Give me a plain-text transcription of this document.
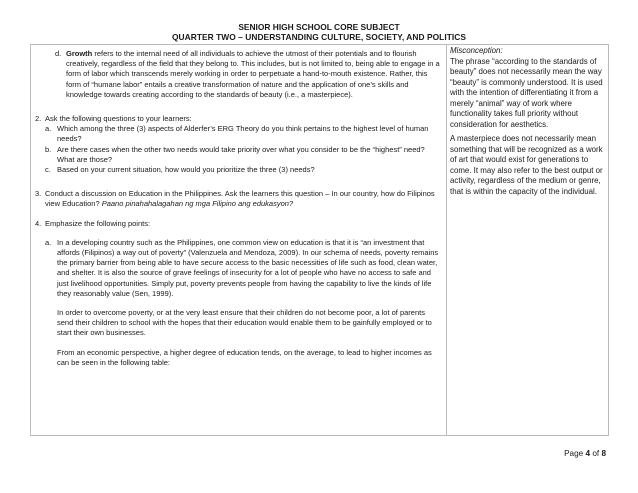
SENIOR HIGH SCHOOL CORE SUBJECT
QUARTER TWO – UNDERSTANDING CULTURE, SOCIETY, AND POLITICS
d. Growth refers to the internal need of all individuals to achieve the utmost of their potentials and to flourish creatively, regardless of the field that they belong to. This includes, but is not limited to, being able to engage in a form of labor which transcends merely working in order to perpetuate a hand-to-mouth existence. Rather, this form of “humane labor” entails a creative transformation of nature and the application of one’s skills and knowledge towards creating according to the standards of beauty (i.e., a masterpiece).

2. Ask the following questions to your learners:

a. Which among the three (3) aspects of Alderfer’s ERG Theory do you think pertains to the highest level of human needs?

b. Are there cases when the other two needs would take priority over what you consider to be the “highest” need? What are those?

c. Based on your current situation, how would you prioritize the three (3) needs?

3. Conduct a discussion on Education in the Philippines. Ask the learners this question – In our country, how do Filipinos view Education? Paano pinahahalagahan ng mga Filipino ang edukasyon?

4. Emphasize the following points:

a. In a developing country such as the Philippines, one common view on education is that it is “an investment that affords (Filipinos) a way out of poverty” (Valenzuela and Mendoza, 2009). In our schema of needs, poverty remains the primary barrier from being able to have secure access to the basic necessities of life such as food, clean water, and shelter. It is also the source of grave feelings of insecurity for a lot of people who have no access to safe and just livelihood opportunities. Simply put, poverty prevents people from having the capability to live the kinds of life they reasonably value (Sen, 1999).

In order to overcome poverty, or at the very least ensure that their children do not become poor, a lot of parents send their children to school with the hopes that their education would enable them to be gainfully employed or to start their own businesses.

From an economic perspective, a higher degree of education tends, on the average, to lead to higher incomes as can be seen in the following table:

Misconception:

The phrase “according to the standards of beauty” does not necessarily mean the way “beauty” is commonly understood. It is used with the intention of differentiating it from a merely “animal” way of work where functionality takes full priority without consideration for aesthetics.

A masterpiece does not necessarily mean something that will be recognized as a work of art that would exist for generations to come. It may also refer to the best output or activity, regardless of the medium or genre, that is within the capacity of the individual.

Page 4 of 8
